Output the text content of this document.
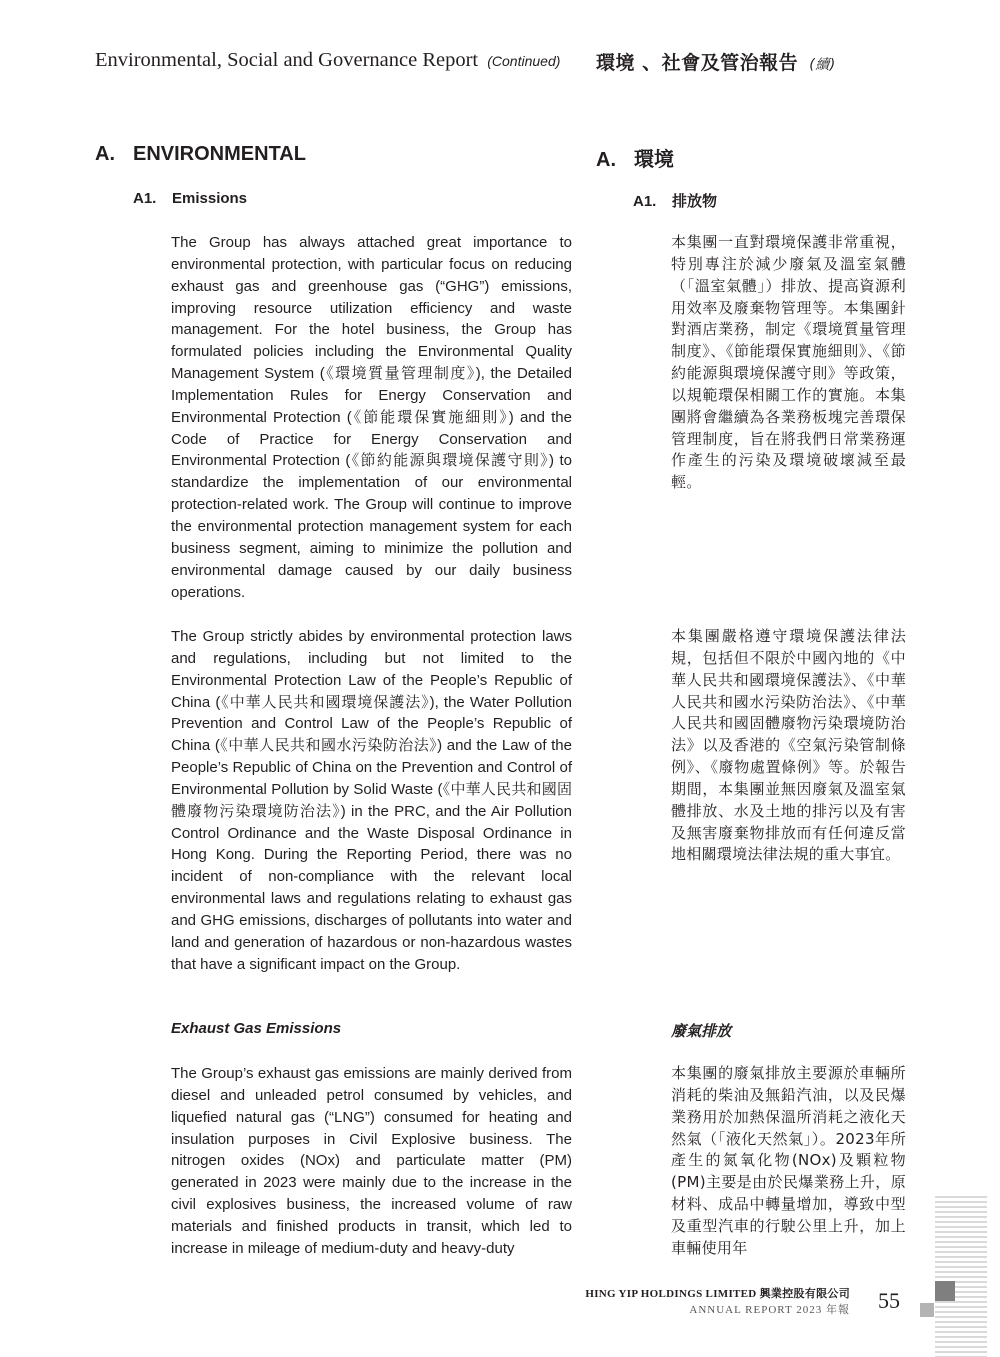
Environmental, Social and Governance Report (Continued) 環境 、社會及管治報告 (續)
A. ENVIRONMENTAL	A. 環境
A1. Emissions	A1. 排放物

The Group has always attached great importance to environmental protection, with particular focus on reducing exhaust gas and greenhouse gas (“GHG”) emissions, improving resource utilization efficiency and waste management. For the hotel business, the Group has formulated policies including the Environmental Quality Management System (《環境質量管理制度》), the Detailed Implementation Rules for Energy Conservation and Environmental Protection (《節能環保實施細則》) and the Code of Practice for Energy Conservation and Environmental Protection (《節約能源與環境保護守則》) to standardize the implementation of our environmental protection-related work. The Group will continue to improve the environmental protection management system for each business segment, aiming to minimize the pollution and environmental damage caused by our daily business operations.

The Group strictly abides by environmental protection laws and regulations, including but not limited to the Environmental Protection Law of the People’s Republic of China (《中華人民共和國環境保護法》), the Water Pollution Prevention and Control Law of the People’s Republic of China (《中華人民共和國水污染防治法》) and the Law of the People’s Republic of China on the Prevention and Control of Environmental Pollution by Solid Waste (《中華人民共和國固體廢物污染環境防治法》) in the PRC, and the Air Pollution Control Ordinance and the Waste Disposal Ordinance in Hong Kong. During the Reporting Period, there was no incident of non-compliance with the relevant local environmental laws and regulations relating to exhaust gas and GHG emissions, discharges of pollutants into water and land and generation of hazardous or non-hazardous wastes that have a significant impact on the Group.

Exhaust Gas Emissions

The Group’s exhaust gas emissions are mainly derived from diesel and unleaded petrol consumed by vehicles, and liquefied natural gas (“LNG”) consumed for heating and insulation purposes in Civil Explosive business. The nitrogen oxides (NOx) and particulate matter (PM) generated in 2023 were mainly due to the increase in the civil explosives business, the increased volume of raw materials and finished products in transit, which led to increase in mileage of medium-duty and heavy-duty

本集團一直對環境保護非常重視，特別專注於減少廢氣及溫室氣體（「溫室氣體」）排放、提高資源利用效率及廢棄物管理等。本集團針對酒店業務，制定《環境質量管理制度》、《節能環保實施細則》、《節約能源與環境保護守則》等政策，以規範環保相關工作的實施。本集團將會繼續為各業務板塊完善環保管理制度，旨在將我們日常業務運作產生的污染及環境破壞減至最輕。

本集團嚴格遵守環境保護法律法規，包括但不限於中國內地的《中華人民共和國環境保護法》、《中華人民共和國水污染防治法》、《中華人民共和國固體廢物污染環境防治法》以及香港的《空氣污染管制條例》、《廢物處置條例》等。於報告期間，本集團並無因廢氣及溫室氣體排放、水及土地的排污以及有害及無害廢棄物排放而有任何違反當地相關環境法律法規的重大事宜。

廢氣排放

本集團的廢氣排放主要源於車輛所消耗的柴油及無鉛汽油，以及民爆業務用於加熱保溫所消耗之液化天然氣（「液化天然氣」）。2023年所產生的氮氧化物(NOx)及顆粒物(PM)主要是由於民爆業務上升，原材料、成品中轉量增加，導致中型及重型汽車的行駛公里上升，加上車輛使用年

HING YIP HOLDINGS LIMITED 興業控股有限公司
ANNUAL REPORT 2023 年報 55
